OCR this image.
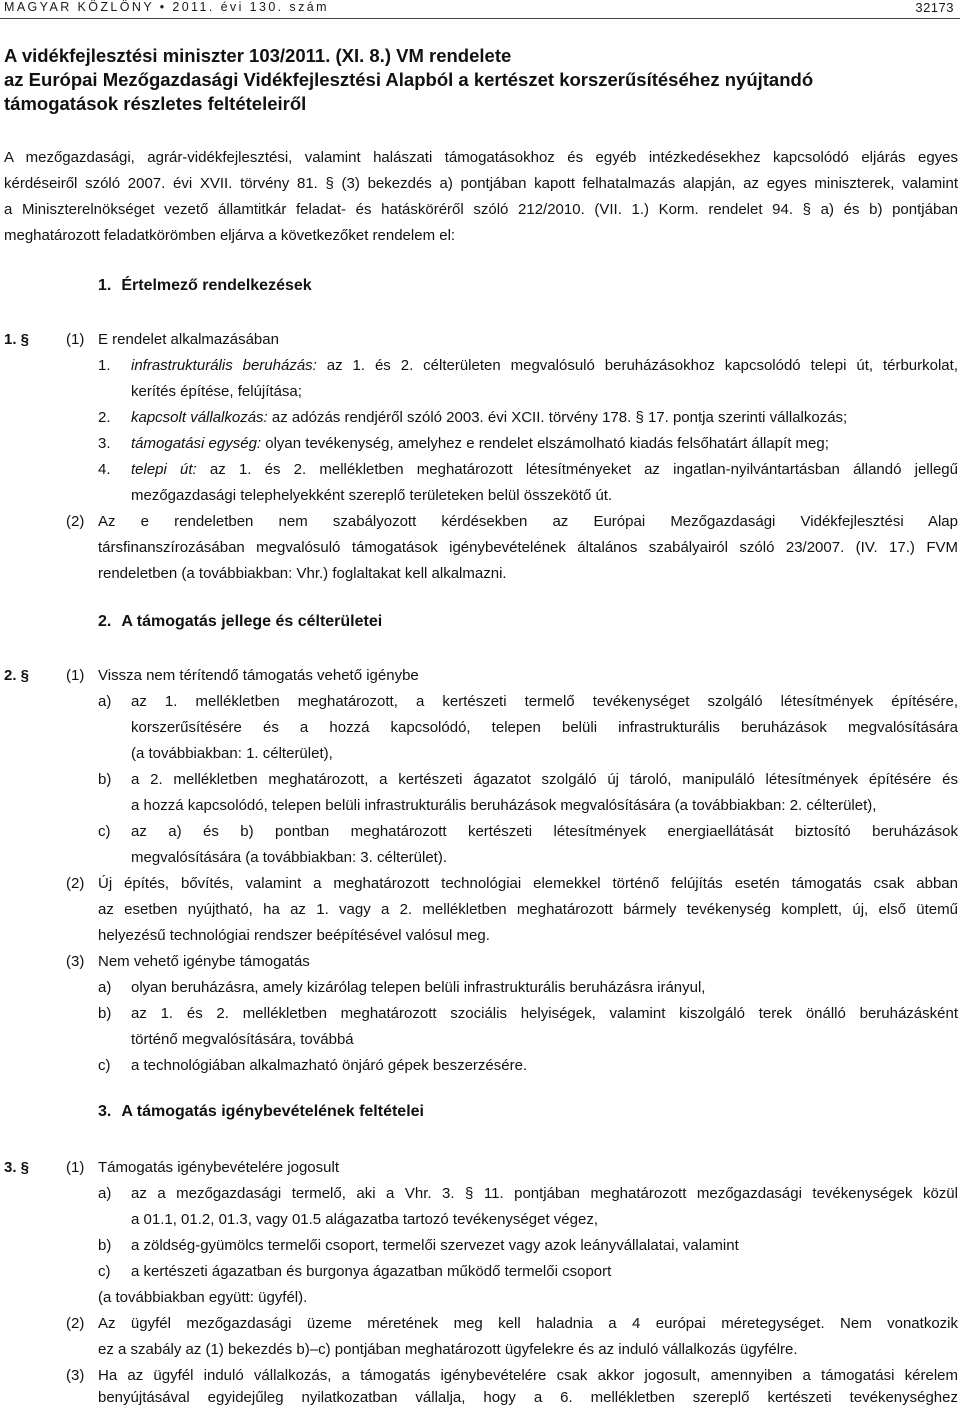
MAGYAR KÖZLÖNY • 2011. évi 130. szám	32173
A vidékfejlesztési miniszter 103/2011. (XI. 8.) VM rendelete
az Európai Mezőgazdasági Vidékfejlesztési Alapból a kertészet korszerűsítéséhez nyújtandó
támogatások részletes feltételeiről
A mezőgazdasági, agrár-vidékfejlesztési, valamint halászati támogatásokhoz és egyéb intézkedésekhez kapcsolódó eljárás egyes
kérdéseiről szóló 2007. évi XVII. törvény 81. § (3) bekezdés a) pontjában kapott felhatalmazás alapján, az egyes miniszterek, valamint
a Miniszterelnökséget vezető államtitkár feladat- és hatásköréről szóló 212/2010. (VII. 1.) Korm. rendelet 94. § a) és b) pontjában
meghatározott feladatkörömben eljárva a következőket rendelem el:
1. Értelmező rendelkezések
1. § (1) E rendelet alkalmazásában
1. infrastrukturális beruházás: az 1. és 2. célterületen megvalósuló beruházásokhoz kapcsolódó telepi út, térburkolat,
kerítés építése, felújítása;
2. kapcsolt vállalkozás: az adózás rendjéről szóló 2003. évi XCII. törvény 178. § 17. pontja szerinti vállalkozás;
3. támogatási egység: olyan tevékenység, amelyhez e rendelet elszámolható kiadás felsőhatárt állapít meg;
4. telepi út: az 1. és 2. mellékletben meghatározott létesítményeket az ingatlan-nyilvántartásban állandó jellegű
mezőgazdasági telephelyekként szereplő területeken belül összekötő út.
(2) Az e rendeletben nem szabályozott kérdésekben az Európai Mezőgazdasági Vidékfejlesztési Alap
társfinanszírozásában megvalósuló támogatások igénybevételének általános szabályairól szóló 23/2007. (IV. 17.) FVM
rendeletben (a továbbiakban: Vhr.) foglaltakat kell alkalmazni.
2. A támogatás jellege és célterületei
2. § (1) Vissza nem térítendő támogatás vehető igénybe
a) az 1. mellékletben meghatározott, a kertészeti termelő tevékenységet szolgáló létesítmények építésére,
korszerűsítésére és a hozzá kapcsolódó, telepen belüli infrastrukturális beruházások megvalósítására
(a továbbiakban: 1. célterület),
b) a 2. mellékletben meghatározott, a kertészeti ágazatot szolgáló új tároló, manipuláló létesítmények építésére és
a hozzá kapcsolódó, telepen belüli infrastrukturális beruházások megvalósítására (a továbbiakban: 2. célterület),
c) az a) és b) pontban meghatározott kertészeti létesítmények energiaellátását biztosító beruházások
megvalósítására (a továbbiakban: 3. célterület).
(2) Új építés, bővítés, valamint a meghatározott technológiai elemekkel történő felújítás esetén támogatás csak abban
az esetben nyújtható, ha az 1. vagy a 2. mellékletben meghatározott bármely tevékenység komplett, új, első ütemű
helyezésű technológiai rendszer beépítésével valósul meg.
(3) Nem vehető igénybe támogatás
a) olyan beruházásra, amely kizárólag telepen belüli infrastrukturális beruházásra irányul,
b) az 1. és 2. mellékletben meghatározott szociális helyiségek, valamint kiszolgáló terek önálló beruházásként
történő megvalósítására, továbbá
c) a technológiában alkalmazható önjáró gépek beszerzésére.
3. A támogatás igénybevételének feltételei
3. § (1) Támogatás igénybevételére jogosult
a) az a mezőgazdasági termelő, aki a Vhr. 3. § 11. pontjában meghatározott mezőgazdasági tevékenységek közül
a 01.1, 01.2, 01.3, vagy 01.5 alágazatba tartozó tevékenységet végez,
b) a zöldség-gyümölcs termelői csoport, termelői szervezet vagy azok leányvállalatai, valamint
c) a kertészeti ágazatban és burgonya ágazatban működő termelői csoport
(a továbbiakban együtt: ügyfél).
(2) Az ügyfél mezőgazdasági üzeme méretének meg kell haladnia a 4 európai méretegységet. Nem vonatkozik
ez a szabály az (1) bekezdés b)–c) pontjában meghatározott ügyfelekre és az induló vállalkozás ügyfélre.
(3) Ha az ügyfél induló vállalkozás, a támogatás igénybevételére csak akkor jogosult, amennyiben a támogatási kérelem
benyújtásával egyidejűleg nyilatkozatban vállalja, hogy a 6. mellékletben szereplő kertészeti tevékenységhez
